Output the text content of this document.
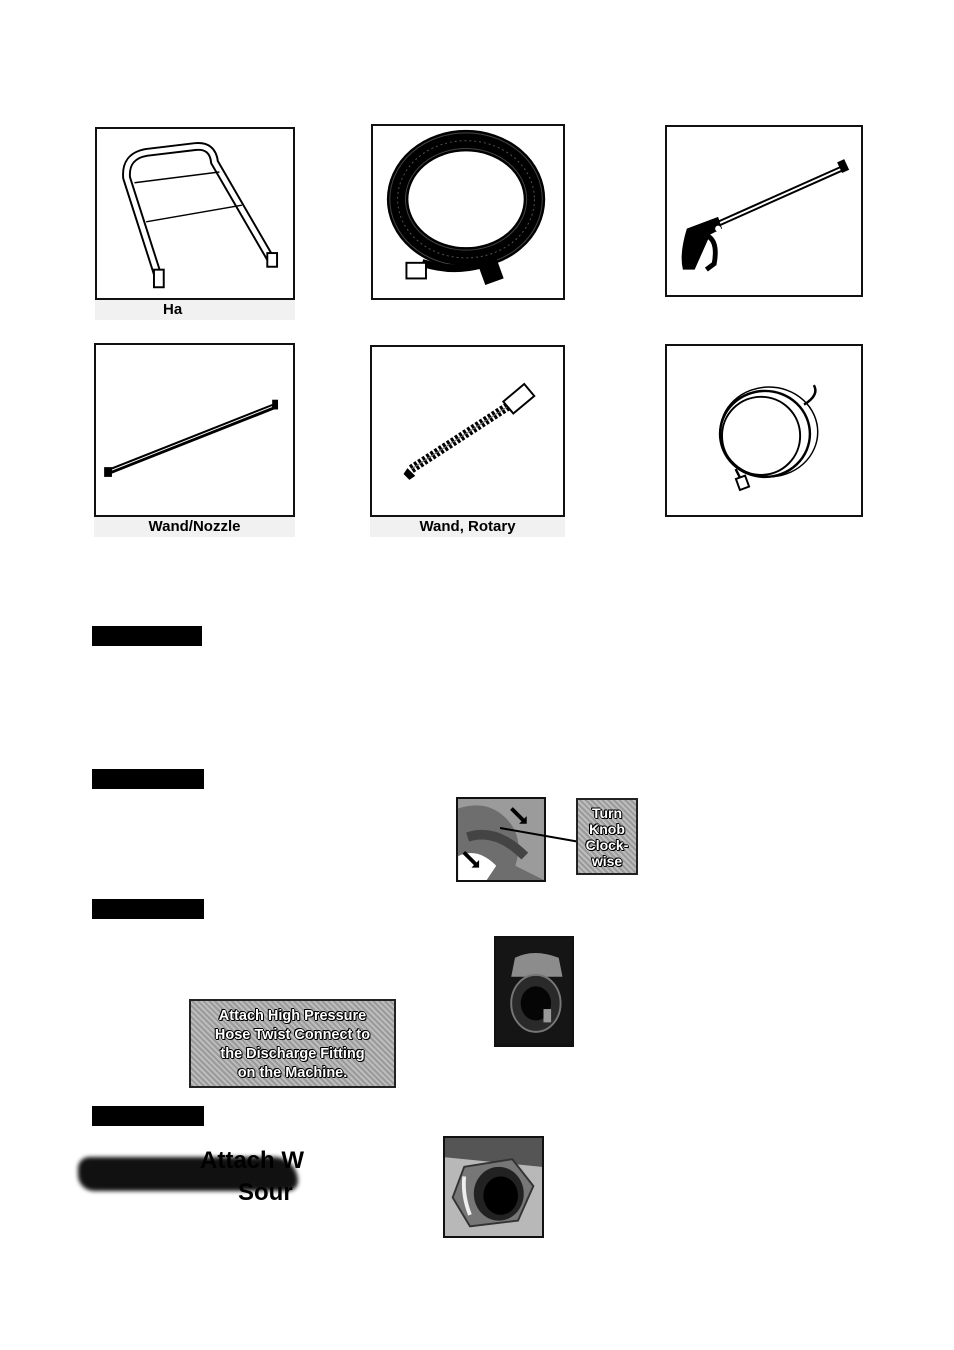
Ha
Wand/Nozzle	Wand, Rotary
Turn
Knob
Clock-
wise
Attach High Pressure
Hose Twist Connect to
the Discharge Fitting
on the Machine.
Attach W
Sour
